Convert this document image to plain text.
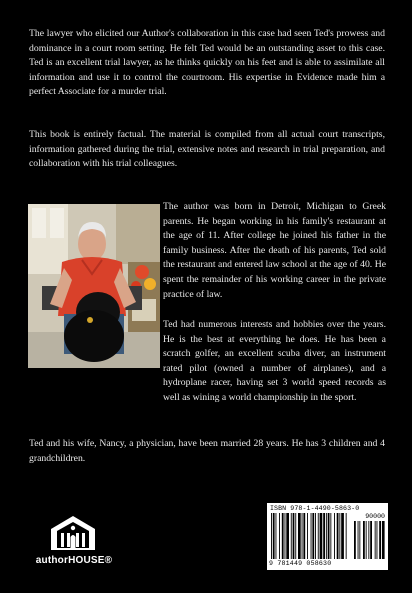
The lawyer who elicited our Author's collaboration in this case had seen Ted's prowess and dominance in a court room setting. He felt Ted would be an outstanding asset to this case. Ted is an excellent trial lawyer, as he thinks quickly on his feet and is able to assimilate all information and use it to control the courtroom. His expertise in Evidence made him a perfect Associate for a murder trial.

This book is entirely factual. The material is compiled from all actual court transcripts, information gathered during the trial, extensive notes and research in trial preparation, and collaboration with his trial colleagues.

The author was born in Detroit, Michigan to Greek parents. He began working in his family's restaurant at the age of 11. After college he joined his father in the family business. After the death of his parents, Ted sold the restaurant and entered law school at the age of 40. He spent the remainder of his working career in the private practice of law.

Ted had numerous interests and hobbies over the years. He is the best at everything he does. He has been a scratch golfer, an excellent scuba diver, an instrument rated pilot (owned a number of airplanes), and a hydroplane racer, having set 3 world speed records as well as wining a world championship in the sport.

Ted and his wife, Nancy, a physician, have been married 28 years. He has 3 children and 4 grandchildren.

authorHOUSE®
ISBN 978-1-4490-5863-0
90000
9 781449 058630
